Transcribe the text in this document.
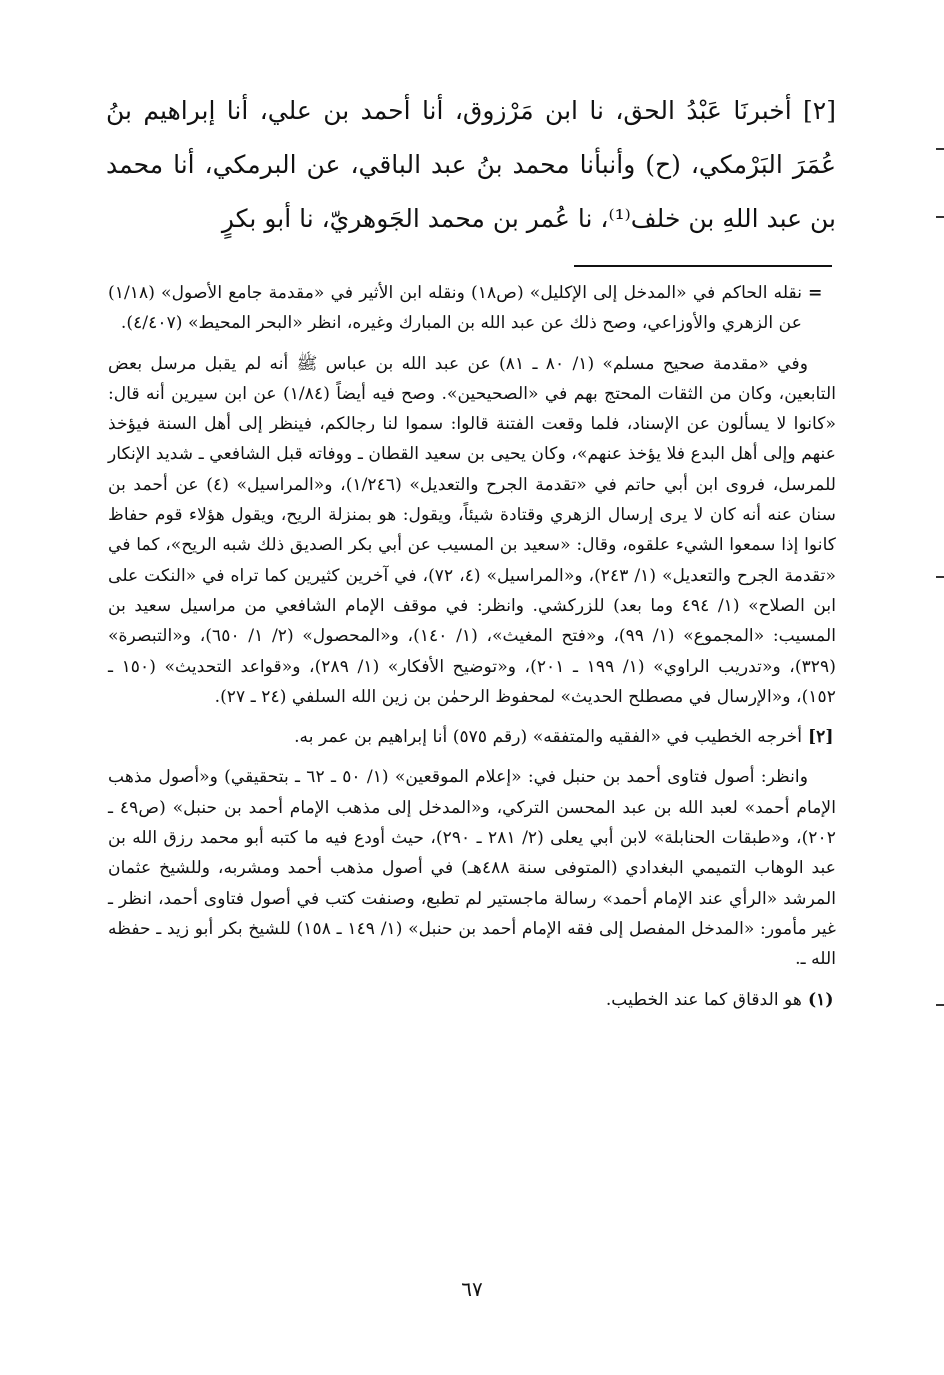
[٢] أخبرنَا عَبْدُ الحق، نا ابن مَرْزوق، أنا أحمد بن علي، أنا إبراهيم بنُ عُمَرَ البَرْمكي، (ح) وأنبأنا محمد بنُ عبد الباقي، عن البرمكي، أنا محمد بن عبد اللهِ بن خلف⁽¹⁾، نا عُمر بن محمد الجَوهريّ، نا أبو بكرٍ

=
نقله الحاكم في «المدخل إلى الإكليل» (ص١٨) ونقله ابن الأثير في «مقدمة جامع الأصول» (١/١٨) عن الزهري والأوزاعي، وصح ذلك عن عبد الله بن المبارك وغيره، انظر «البحر المحيط» (٤/٤٠٧).

وفي «مقدمة صحيح مسلم» (١/ ٨٠ ـ ٨١) عن عبد الله بن عباس ﷺ أنه لم يقبل مرسل بعض التابعين، وكان من الثقات المحتج بهم في «الصحيحين». وصح فيه أيضاً (١/٨٤) عن ابن سيرين أنه قال: «كانوا لا يسألون عن الإسناد، فلما وقعت الفتنة قالوا: سموا لنا رجالكم، فينظر إلى أهل السنة فيؤخذ عنهم وإلى أهل البدع فلا يؤخذ عنهم»، وكان يحيى بن سعيد القطان ـ ووفاته قبل الشافعي ـ شديد الإنكار للمرسل، فروى ابن أبي حاتم في «تقدمة الجرح والتعديل» (١/٢٤٦)، و«المراسيل» (٤) عن أحمد بن سنان عنه أنه كان لا يرى إرسال الزهري وقتادة شيئاً، ويقول: هو بمنزلة الريح، ويقول هؤلاء قوم حفاظ كانوا إذا سمعوا الشيء علقوه، وقال: «سعيد بن المسيب عن أبي بكر الصديق ذلك شبه الريح»، كما في «تقدمة الجرح والتعديل» (١/ ٢٤٣)، و«المراسيل» (٤، ٧٢)، في آخرين كثيرين كما تراه في «النكت على ابن الصلاح» (١/ ٤٩٤ وما بعد) للزركشي. وانظر: في موقف الإمام الشافعي من مراسيل سعيد بن المسيب: «المجموع» (١/ ٩٩)، و«فتح المغيث»، (١/ ١٤٠)، و«المحصول» (٢/ ١/ ٦٥٠)، و«التبصرة» (٣٢٩)، و«تدريب الراوي» (١/ ١٩٩ ـ ٢٠١)، و«توضيح الأفكار» (١/ ٢٨٩)، و«قواعد التحديث» (١٥٠ ـ ١٥٢)، و«الإرسال في مصطلح الحديث» لمحفوظ الرحمٰن بن زين الله السلفي (٢٤ ـ ٢٧).

[٢]
أخرجه الخطيب في «الفقيه والمتفقه» (رقم ٥٧٥) أنا إبراهيم بن عمر به.

وانظر: أصول فتاوى أحمد بن حنبل في: «إعلام الموقعين» (١/ ٥٠ ـ ٦٢ ـ بتحقيقي) و«أصول مذهب الإمام أحمد» لعبد الله بن عبد المحسن التركي، و«المدخل إلى مذهب الإمام أحمد بن حنبل» (ص٤٩ ـ ٢٠٢)، و«طبقات الحنابلة» لابن أبي يعلى (٢/ ٢٨١ ـ ٢٩٠)، حيث أودع فيه ما كتبه أبو محمد رزق الله بن عبد الوهاب التميمي البغدادي (المتوفى سنة ٤٨٨هـ) في أصول مذهب أحمد ومشربه، وللشيخ عثمان المرشد «الرأي عند الإمام أحمد» رسالة ماجستير لم تطبع، وصنفت كتب في أصول فتاوى أحمد، انظر ـ غير مأمور: «المدخل المفصل إلى فقه الإمام أحمد بن حنبل» (١/ ١٤٩ ـ ١٥٨) للشيخ بكر أبو زيد ـ حفظه الله ـ.

(١)
هو الدقاق كما عند الخطيب.

٦٧
